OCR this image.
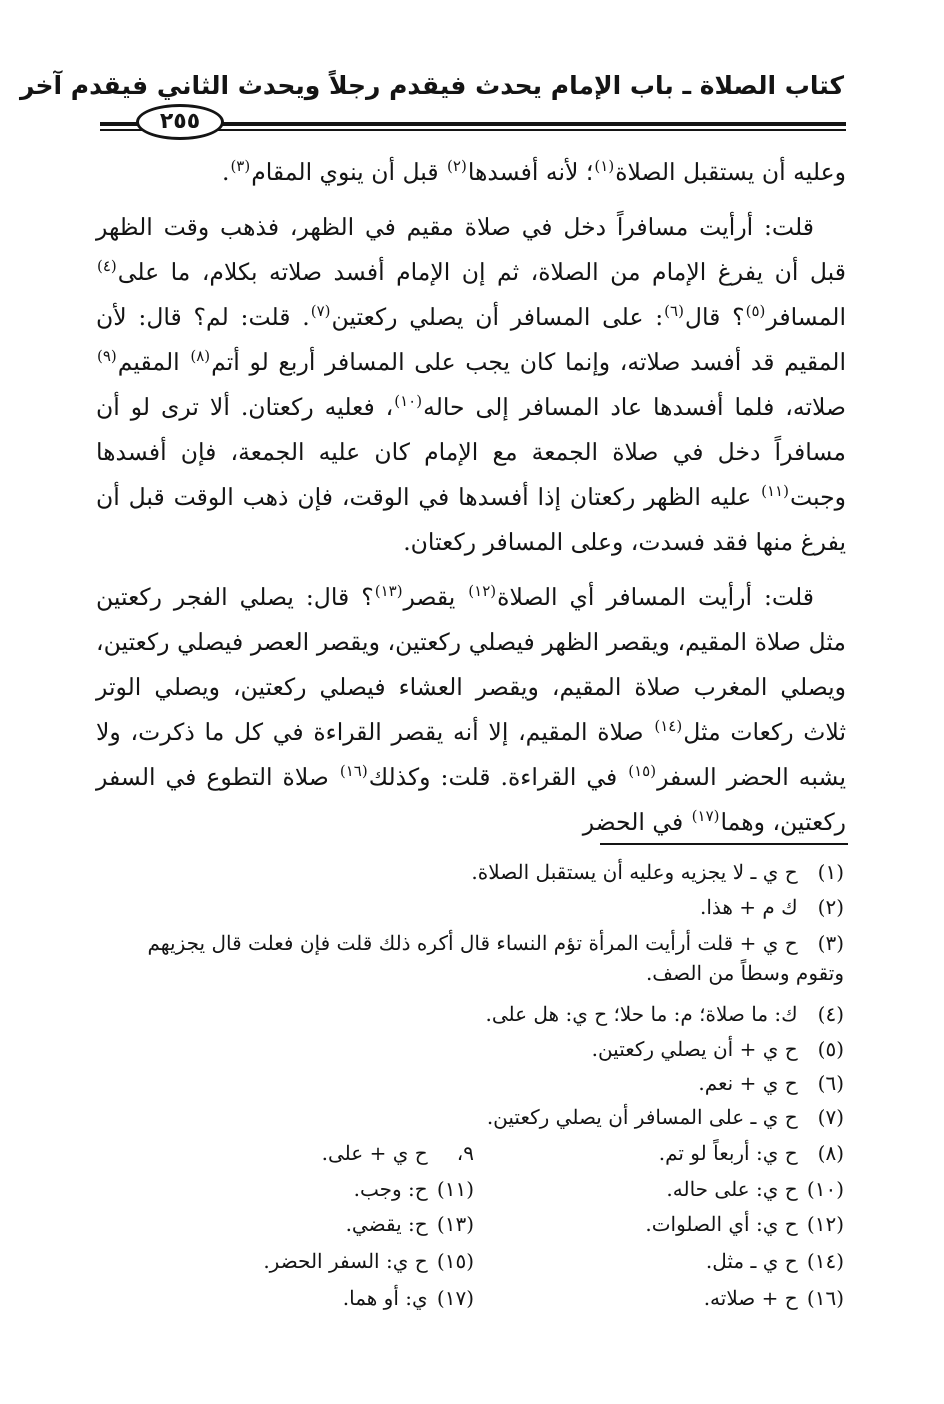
كتاب الصلاة ـ باب الإمام يحدث فيقدم رجلاً ويحدث الثاني فيقدم آخر
٢٥٥

وعليه أن يستقبل الصلاة$^{(١)}$؛ لأنه أفسدها$^{(٢)}$ قبل أن ينوي المقام$^{(٣)}$.

قلت: أرأيت مسافراً دخل في صلاة مقيم في الظهر، فذهب وقت الظهر قبل أن يفرغ الإمام من الصلاة، ثم إن الإمام أفسد صلاته بكلام، ما على$^{(٤)}$ المسافر$^{(٥)}$؟ قال$^{(٦)}$: على المسافر أن يصلي ركعتين$^{(٧)}$. قلت: لم؟ قال: لأن المقيم قد أفسد صلاته، وإنما كان يجب على المسافر أربع لو أتم$^{(٨)}$ المقيم$^{(٩)}$ صلاته، فلما أفسدها عاد المسافر إلى حاله$^{(١٠)}$، فعليه ركعتان. ألا ترى لو أن مسافراً دخل في صلاة الجمعة مع الإمام كان عليه الجمعة، فإن أفسدها وجبت$^{(١١)}$ عليه الظهر ركعتان إذا أفسدها في الوقت، فإن ذهب الوقت قبل أن يفرغ منها فقد فسدت، وعلى المسافر ركعتان.

قلت: أرأيت المسافر أي الصلاة$^{(١٢)}$ يقصر$^{(١٣)}$؟ قال: يصلي الفجر ركعتين مثل صلاة المقيم، ويقصر الظهر فيصلي ركعتين، ويقصر العصر فيصلي ركعتين، ويصلي المغرب صلاة المقيم، ويقصر العشاء فيصلي ركعتين، ويصلي الوتر ثلاث ركعات مثل$^{(١٤)}$ صلاة المقيم، إلا أنه يقصر القراءة في كل ما ذكرت، ولا يشبه الحضر السفر$^{(١٥)}$ في القراءة. قلت: وكذلك$^{(١٦)}$ صلاة التطوع في السفر ركعتين، وهما$^{(١٧)}$ في الحضر

(١) ح ي ـ لا يجزيه وعليه أن يستقبل الصلاة.
(٢) ك م + هذا.
(٣) ح ي + قلت أرأيت المرأة تؤم النساء قال أكره ذلك قلت فإن فعلت قال يجزيهم وتقوم وسطاً من الصف.
(٤) ك: ما صلاة؛ م: ما حلا؛ ح ي: هل على.
(٥) ح ي + أن يصلي ركعتين.
(٦) ح ي + نعم.
(٧) ح ي ـ على المسافر أن يصلي ركعتين.
(٨) ح ي: أربعاً لو تم.
٩، ح ي + على.
(١٠) ح ي: على حاله.
(١١) ح: وجب.
(١٢) ح ي: أي الصلوات.
(١٣) ح: يقضي.
(١٤) ح ي ـ مثل.
(١٥) ح ي: السفر الحضر.
(١٦) ح + صلاته.
(١٧) ي: أو هما.
